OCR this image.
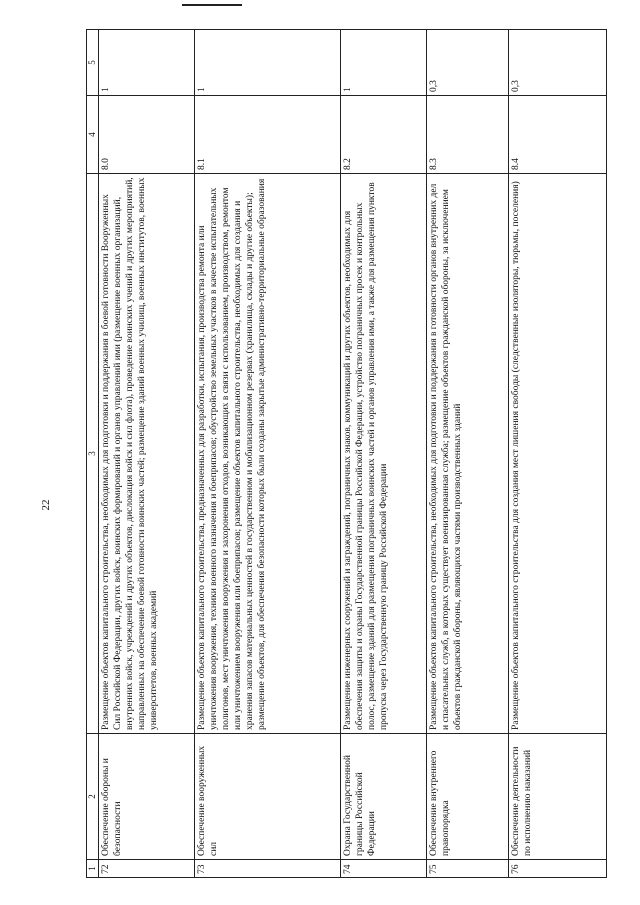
22
1	2	3	4	5
72	Обеспечение обороны и безопасности	Размещение объектов капитального строительства, необходимых для подготовки и поддержания в боевой готовности Вооруженных Сил Российской Федерации, других войск, воинских формирований и органов управлений ими (размещение военных организаций, внутренних войск, учреждений и других объектов, дислокация войск и сил флота), проведение воинских учений и других мероприятий, направленных на обеспечение боевой готовности воинских частей; размещение зданий военных училищ, военных институтов, военных университетов, военных академий	8.0	1
73	Обеспечение вооруженных сил	Размещение объектов капитального строительства, предназначенных для разработки, испытания, производства ремонта или уничтожения вооружения, техники военного назначения и боеприпасов; обустройство земельных участков в качестве испытательных полигонов, мест уничтожения вооружения и захоронения отходов, возникающих в связи с использованием, производством, ремонтом или уничтожением вооружения или боеприпасов; размещение объектов капитального строительства, необходимых для создания и хранения запасов материальных ценностей в государственном и мобилизационном резервах (хранилища, склады и другие объекты); размещение объектов, для обеспечения безопасности которых были созданы закрытые административно-территориальные образования	8.1	1
74	Охрана Государственной границы Российской Федерации	Размещение инженерных сооружений и заграждений, пограничных знаков, коммуникаций и других объектов, необходимых для обеспечения защиты и охраны Государственной границы Российской Федерации, устройство пограничных просек и контрольных полос, размещение зданий для размещения пограничных воинских частей и органов управления ими, а также для размещения пунктов пропуска через Государственную границу Российской Федерации	8.2	1
75	Обеспечение внутреннего правопорядка	Размещение объектов капитального строительства, необходимых для подготовки и поддержания в готовности органов внутренних дел и спасательных служб, в которых существует военизированная служба; размещение объектов гражданской обороны, за исключением объектов гражданской обороны, являющихся частями производственных зданий	8.3	0,3
76	Обеспечение деятельности по исполнению наказаний	Размещение объектов капитального строительства для создания мест лишения свободы (следственные изоляторы, тюрьмы, поселения)	8.4	0,3
